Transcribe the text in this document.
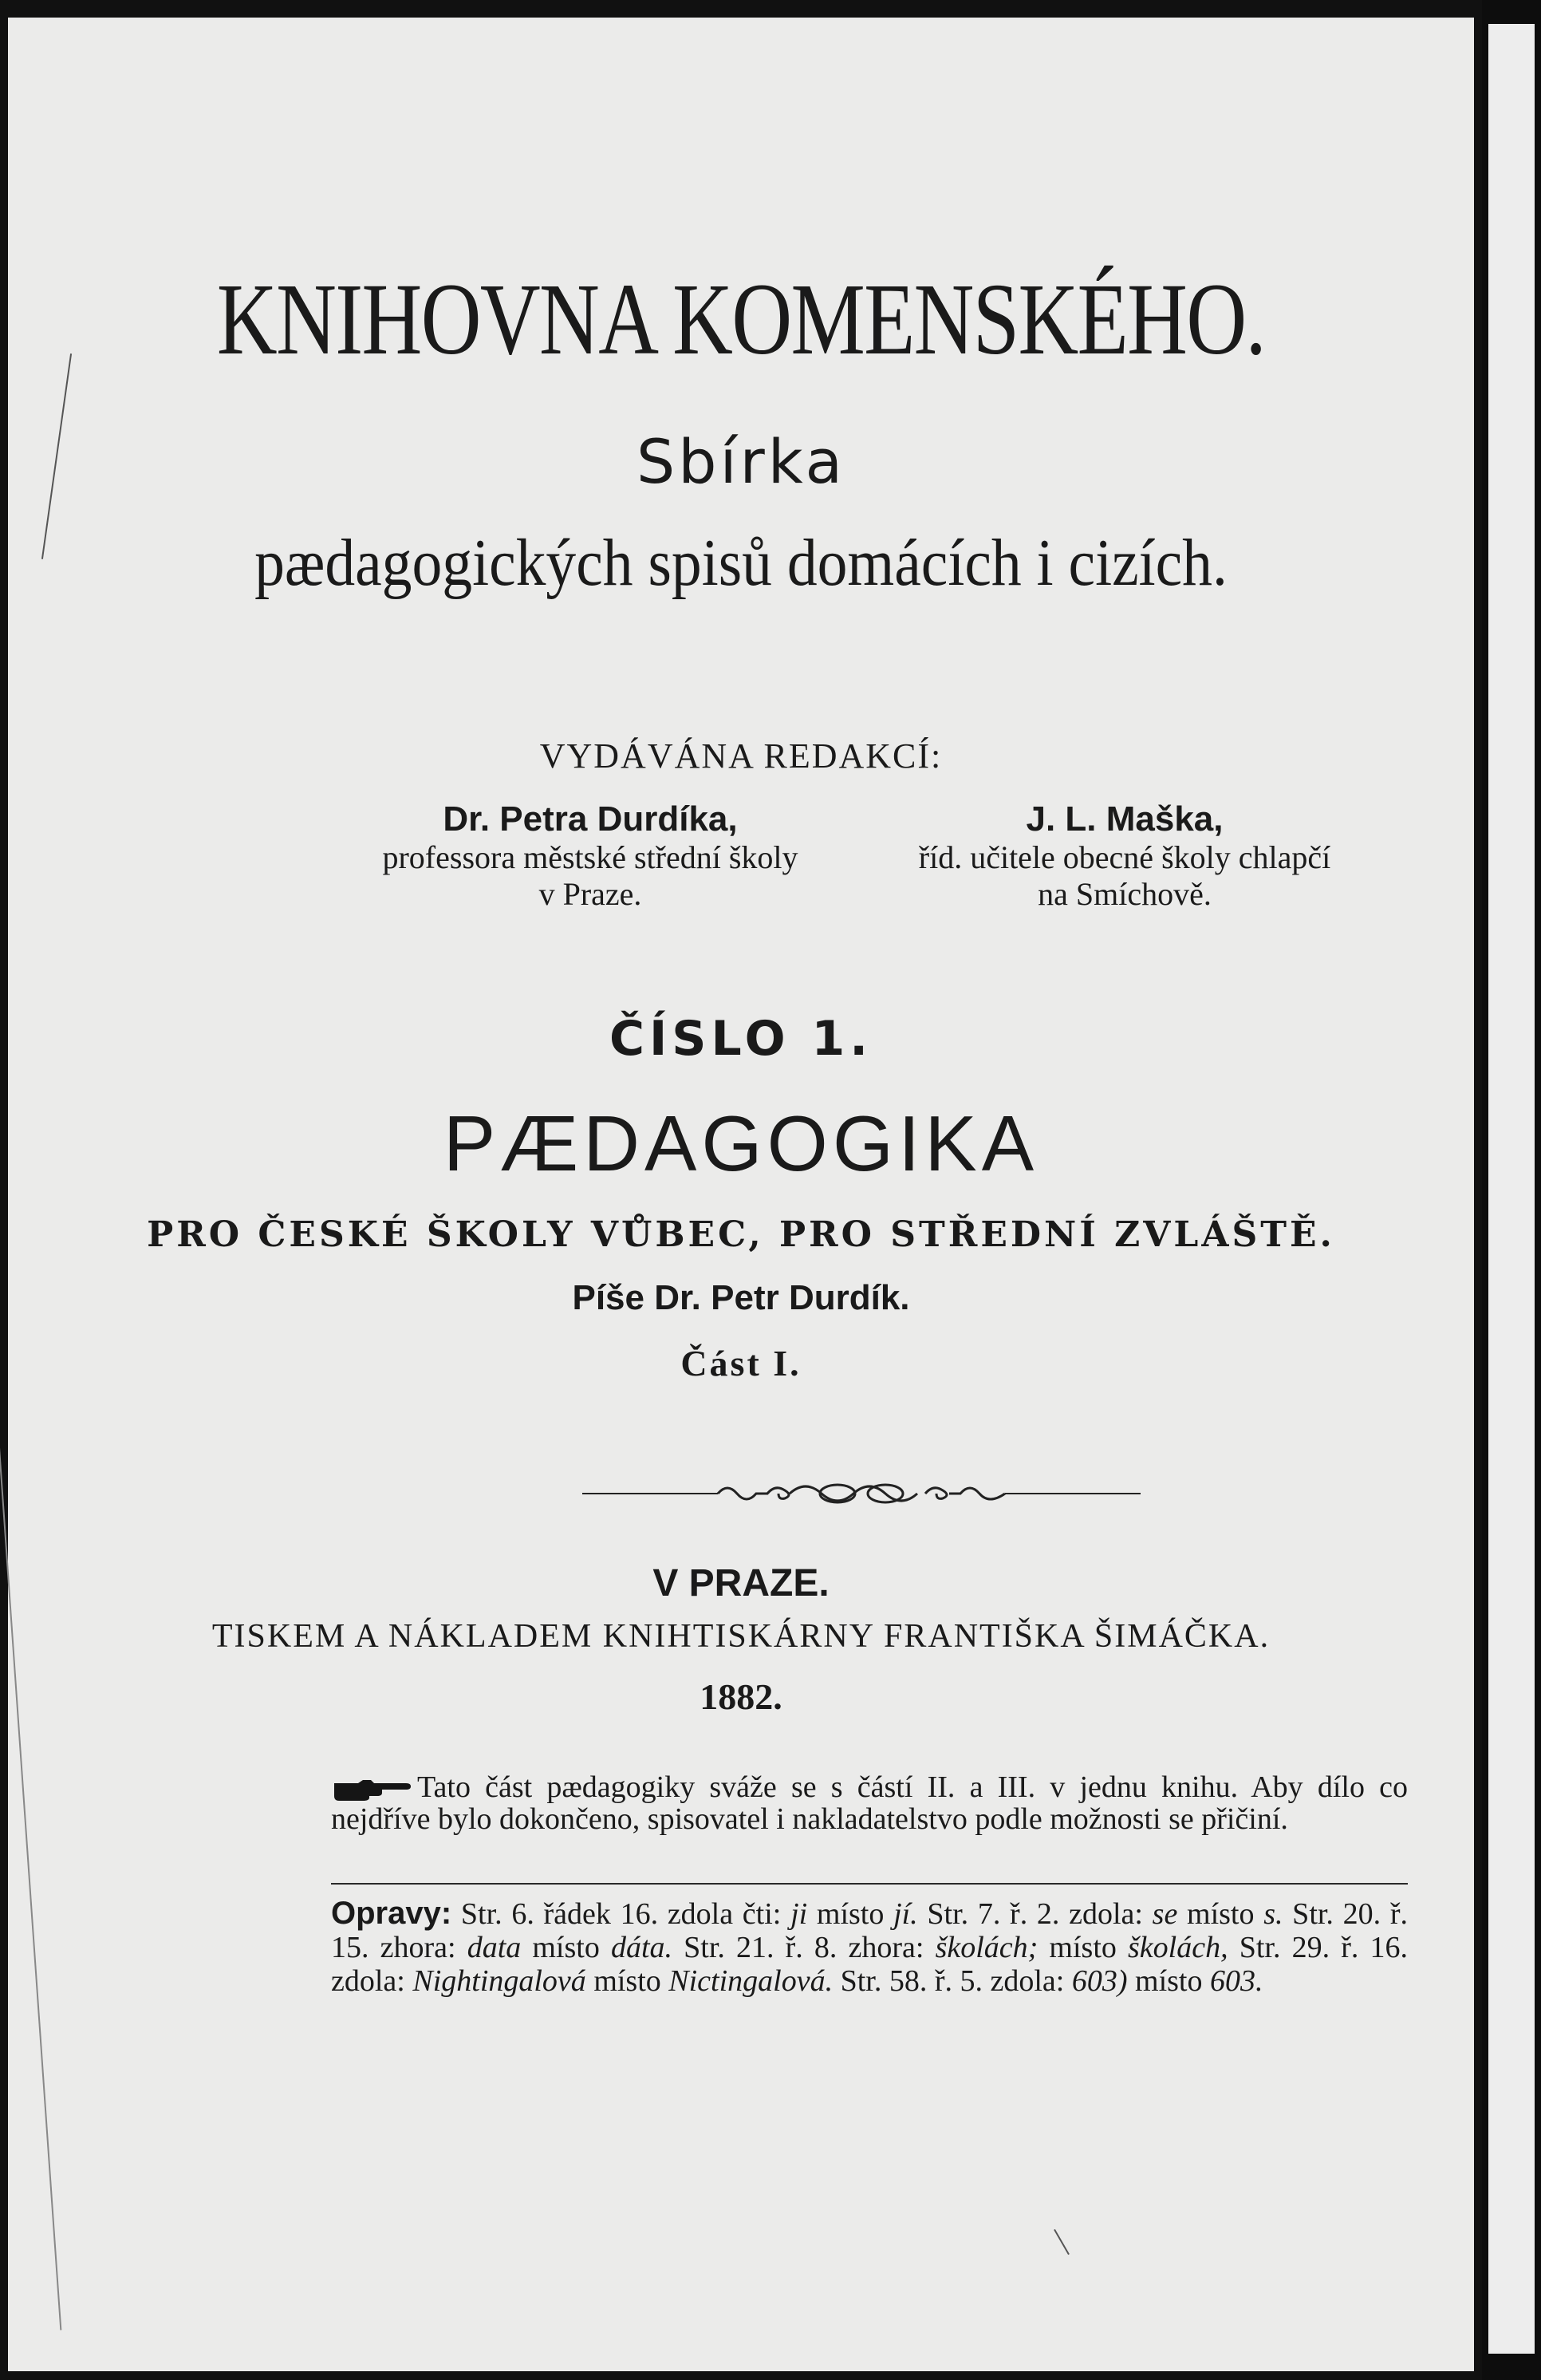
KNIHOVNA KOMENSKÉHO.
Sbírka
pædagogických spisů domácích i cizích.
VYDÁVÁNA REDAKCÍ:
Dr. Petra Durdíka,
professora městské střední školy
v Praze.
J. L. Maška,
říd. učitele obecné školy chlapčí
na Smíchově.
ČÍSLO 1.
PÆDAGOGIKA
PRO ČESKÉ ŠKOLY VŮBEC, PRO STŘEDNÍ ZVLÁŠTĚ.
Píše Dr. Petr Durdík.
Část I.
V PRAZE.
TISKEM A NÁKLADEM KNIHTISKÁRNY FRANTIŠKA ŠIMÁČKA.
1882.
Tato část pædagogiky sváže se s částí II. a III. v jednu knihu. Aby dílo co nejdříve bylo dokončeno, spisovatel i nakladatelstvo podle možnosti se přičiní.
Opravy: Str. 6. řádek 16. zdola čti: ji místo jí. Str. 7. ř. 2. zdola: se místo s. Str. 20. ř. 15. zhora: data místo dáta. Str. 21. ř. 8. zhora: školách; místo školách, Str. 29. ř. 16. zdola: Nightingalová místo Nictingalová. Str. 58. ř. 5. zdola: 603) místo 603.
